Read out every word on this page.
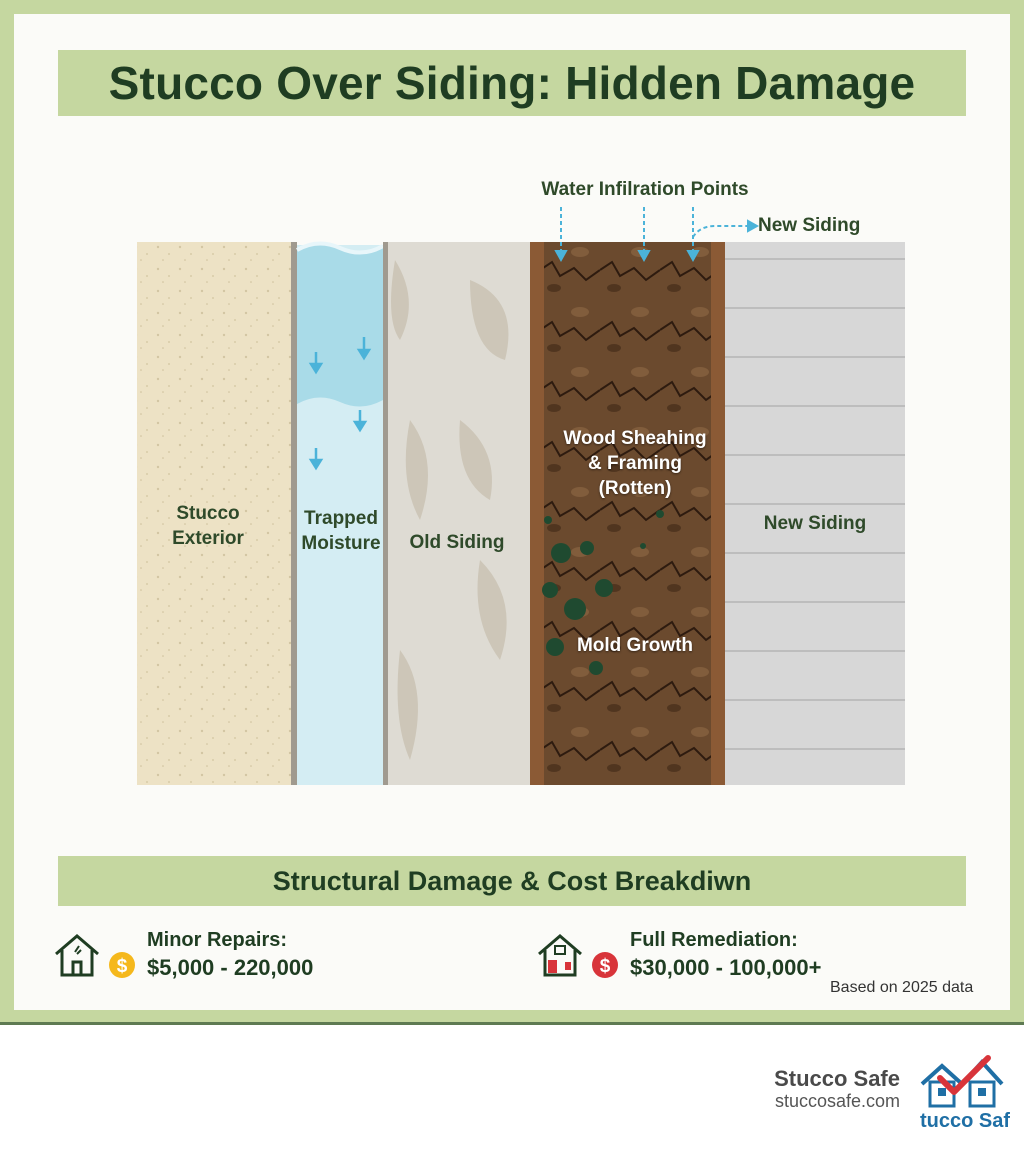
Stucco Over Siding: Hidden Damage
Water Infilration Points
New Siding
Stucco
Exterior
Trapped
Moisture	Old Siding
Wood Sheahing
& Framing
(Rotten)
Mold Growth
New Siding
Structural Damage & Cost Breakdiwn
$
Minor Repairs:
$5,000 - 220,000	$
Full Remediation:
$30,000 - 100,000+
Based on 2025 data
Stucco Safe
stuccosafe.com
tucco Saf
